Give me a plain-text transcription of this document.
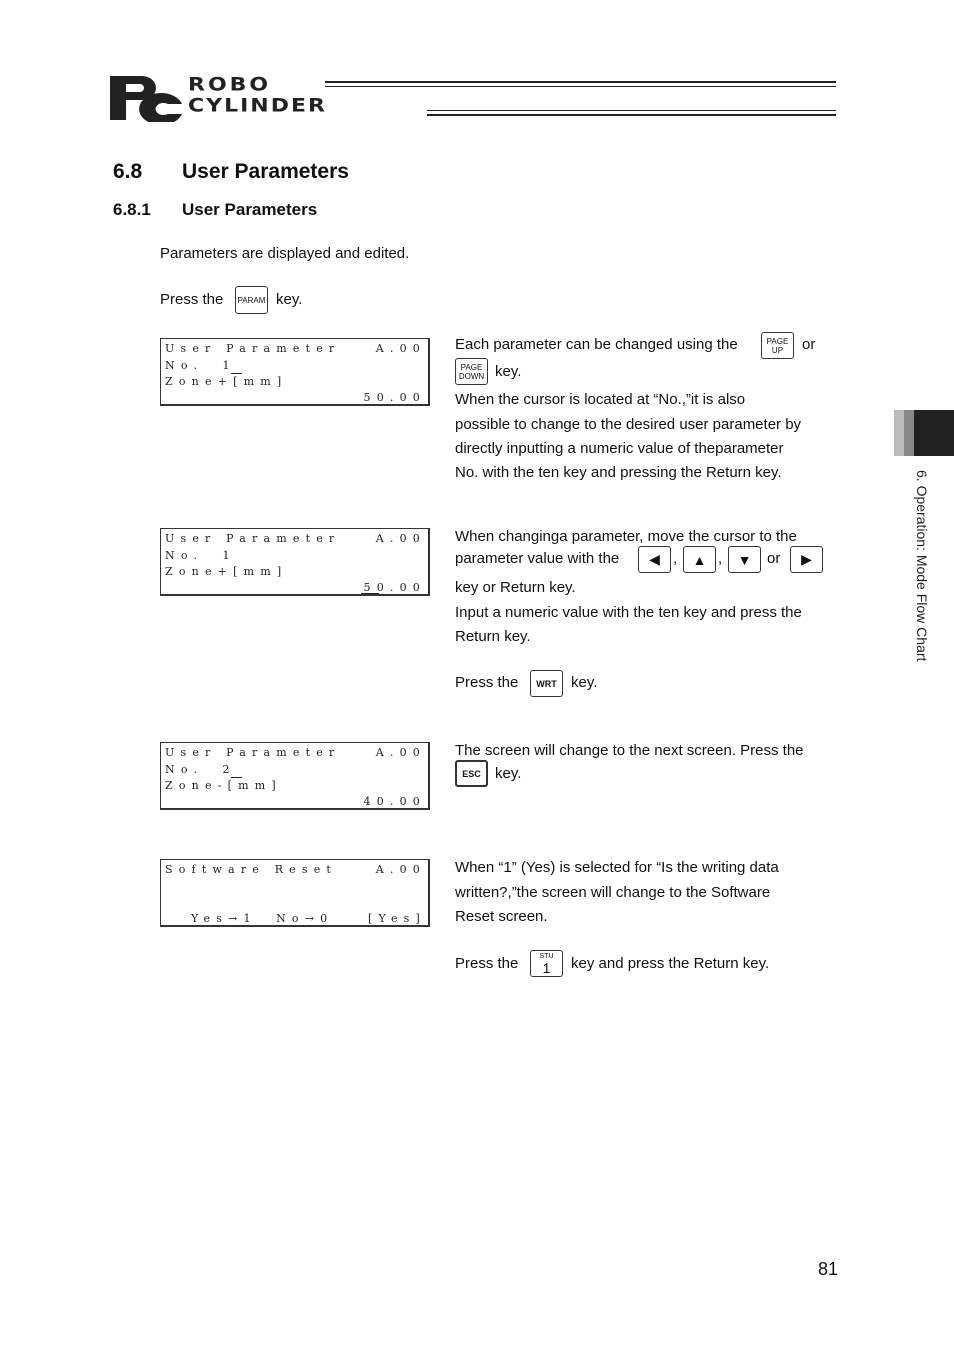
ROBO
CYLINDER
6.8 User Parameters
6.8.1 User Parameters
Parameters are displayed and edited.
Press the PARAM key.
User Parameter	A.00
No.  1
Zone+[mm]
50.00
Each parameter can be changed using the	PAGE
UP	or
PAGE
DOWN key.
When the cursor is located at “No.,”it is also
possible to change to the desired user parameter by
directly inputting a numeric value of theparameter
No. with the ten key and pressing the Return key.
User Parameter	A.00
No.  1
Zone+[mm]
50.00
When changinga parameter, move the cursor to the
parameter value with the ◀ , ▲ , ▼ or ▶
key or Return key.
Input a numeric value with the ten key and press the
Return key.
Press the WRT key.
User Parameter	A.00
No.  2
Zone-[mm]
40.00
The screen will change to the next screen. Press the
ESC key.
Software Reset	A.00
Yes→1  No→0	[Yes]
When “1” (Yes) is selected for “Is the writing data
written?,”the screen will change to the Software
Reset screen.
Press the	STU
1 key and press the Return key.
6. Operation: Mode Flow Chart
81
